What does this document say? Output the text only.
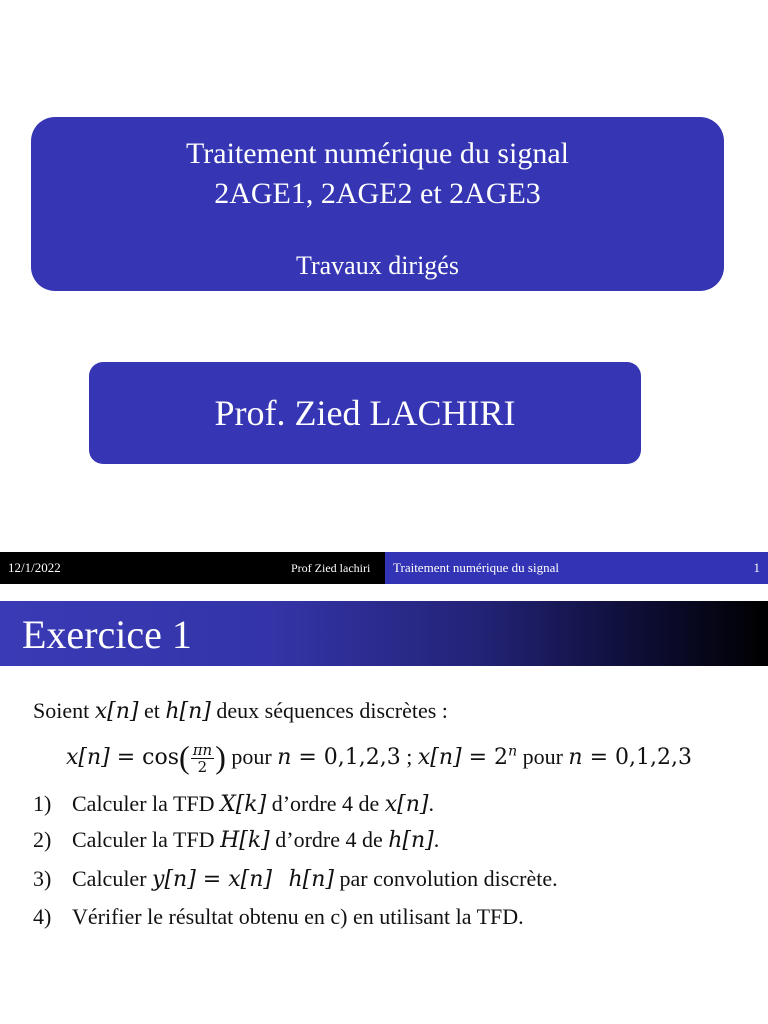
Traitement numérique du signal
2AGE1, 2AGE2 et 2AGE3
Travaux dirigés
Prof. Zied LACHIRI
12/1/2022	Prof Zied lachiri Traitement numérique du signal	1
Exercice 1
Soient x[n] et h[n] deux séquences discrètes :
$x[n] = \cos( \frac{\pi n}{2}$ ) pour n = 0,1,2,3 ; $x[n] = 2^n$ pour n = 0,1,2,3
1) Calculer la TFD X[k] d’ordre 4 de x[n].
2) Calculer la TFD H[k] d’ordre 4 de h[n].
3) Calculer y[n] = x[n] h[n] par convolution discrète.
4) Vérifier le résultat obtenu en c) en utilisant la TFD.
